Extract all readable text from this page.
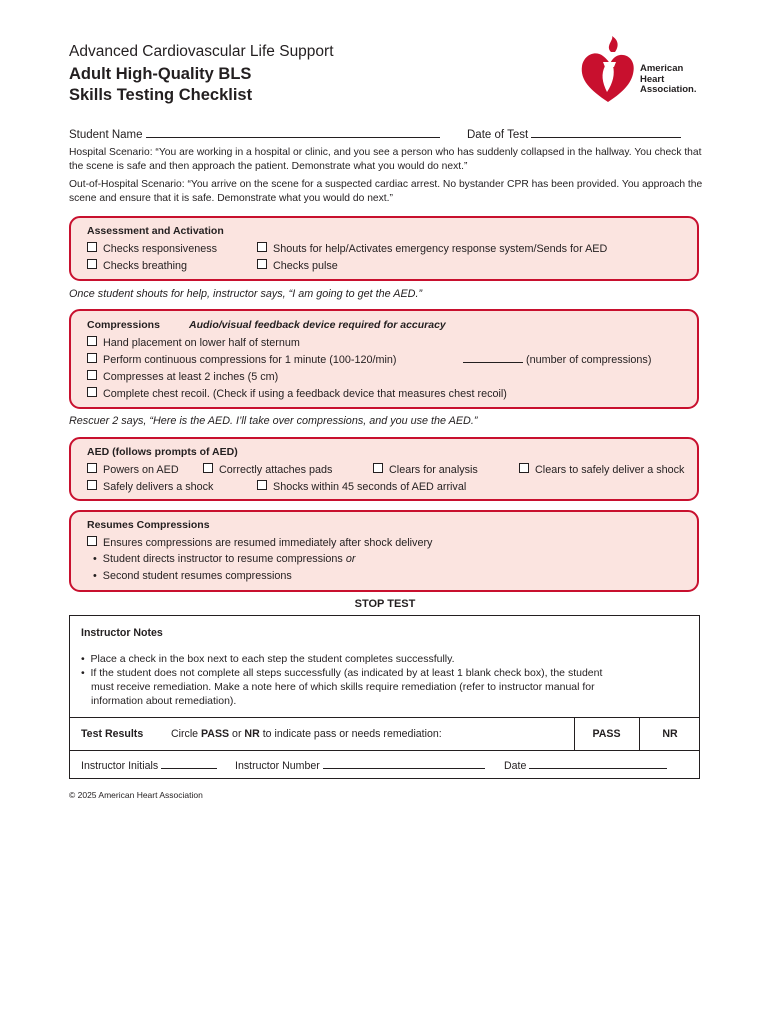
Advanced Cardiovascular Life Support
Adult High-Quality BLS
Skills Testing Checklist
American
Heart
Association.
Student Name	Date of Test
Hospital Scenario: “You are working in a hospital or clinic, and you see a person who has suddenly collapsed in the hallway. You check that the scene is safe and then approach the patient. Demonstrate what you would do next.”
Out-of-Hospital Scenario: “You arrive on the scene for a suspected cardiac arrest. No bystander CPR has been provided. You approach the scene and ensure that it is safe. Demonstrate what you would do next.”
Assessment and Activation
Checks responsiveness	Shouts for help/Activates emergency response system/Sends for AED
Checks breathing	Checks pulse
Once student shouts for help, instructor says, “I am going to get the AED.”
Compressions	Audio/visual feedback device required for accuracy
Hand placement on lower half of sternum
Perform continuous compressions for 1 minute (100-120/min)	(number of compressions)
Compresses at least 2 inches (5 cm)
Complete chest recoil. (Check if using a feedback device that measures chest recoil)
Rescuer 2 says, “Here is the AED. I’ll take over compressions, and you use the AED.”
AED (follows prompts of AED)
Powers on AED	Correctly attaches pads	Clears for analysis	Clears to safely deliver a shock
Safely delivers a shock	Shocks within 45 seconds of AED arrival
Resumes Compressions
Ensures compressions are resumed immediately after shock delivery
•  Student directs instructor to resume compressions or
•  Second student resumes compressions
STOP TEST
Instructor Notes
•  Place a check in the box next to each step the student completes successfully.
•  If the student does not complete all steps successfully (as indicated by at least 1 blank check box), the student
must receive remediation. Make a note here of which skills require remediation (refer to instructor manual for
information about remediation).
Test Results	Circle PASS or NR to indicate pass or needs remediation:	PASS	NR
Instructor Initials	Instructor Number	Date
© 2025 American Heart Association
